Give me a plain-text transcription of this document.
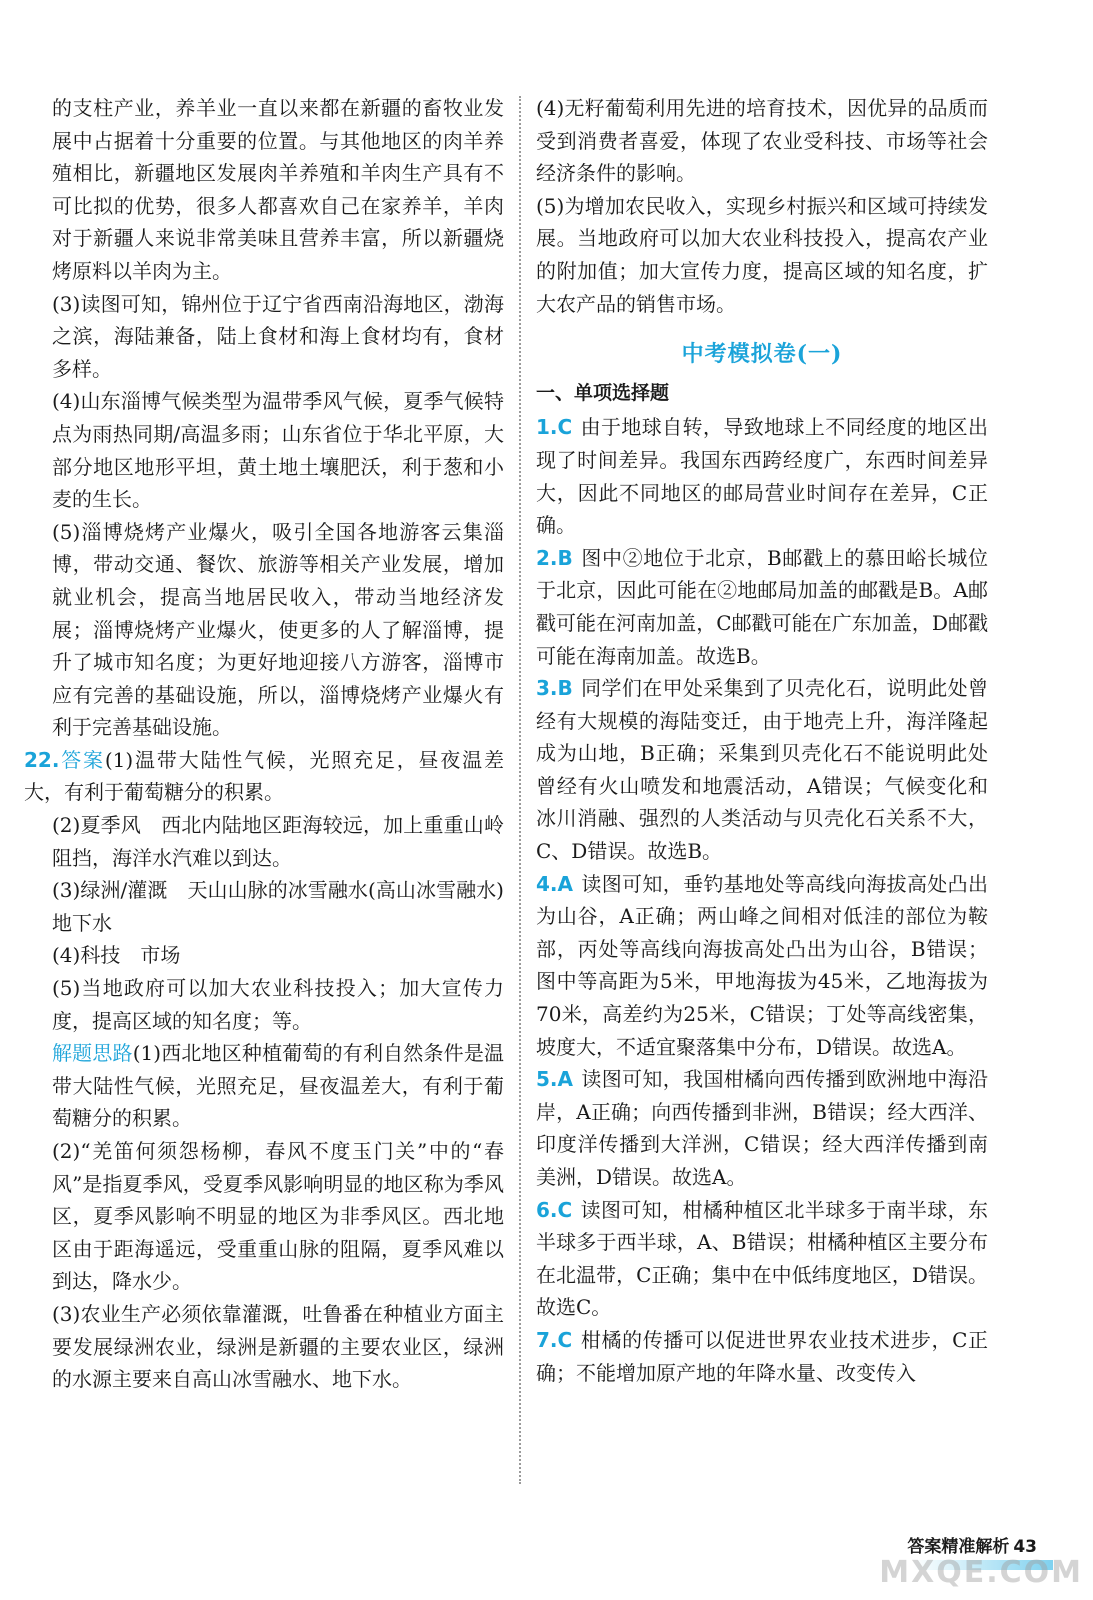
的支柱产业，养羊业一直以来都在新疆的畜牧业发展中占据着十分重要的位置。与其他地区的肉羊养殖相比，新疆地区发展肉羊养殖和羊肉生产具有不可比拟的优势，很多人都喜欢自己在家养羊，羊肉对于新疆人来说非常美味且营养丰富，所以新疆烧烤原料以羊肉为主。

(3)读图可知，锦州位于辽宁省西南沿海地区，渤海之滨，海陆兼备，陆上食材和海上食材均有，食材多样。

(4)山东淄博气候类型为温带季风气候，夏季气候特点为雨热同期/高温多雨；山东省位于华北平原，大部分地区地形平坦，黄土地土壤肥沃，利于葱和小麦的生长。

(5)淄博烧烤产业爆火，吸引全国各地游客云集淄博，带动交通、餐饮、旅游等相关产业发展，增加就业机会，提高当地居民收入，带动当地经济发展；淄博烧烤产业爆火，使更多的人了解淄博，提升了城市知名度；为更好地迎接八方游客，淄博市应有完善的基础设施，所以，淄博烧烤产业爆火有利于完善基础设施。

22.答案(1)温带大陆性气候，光照充足，昼夜温差大，有利于葡萄糖分的积累。

(2)夏季风　西北内陆地区距海较远，加上重重山岭阻挡，海洋水汽难以到达。

(3)绿洲/灌溉　天山山脉的冰雪融水(高山冰雪融水)　地下水

(4)科技　市场

(5)当地政府可以加大农业科技投入；加大宣传力度，提高区域的知名度；等。

解题思路(1)西北地区种植葡萄的有利自然条件是温带大陆性气候，光照充足，昼夜温差大，有利于葡萄糖分的积累。

(2)“羌笛何须怨杨柳，春风不度玉门关”中的“春风”是指夏季风，受夏季风影响明显的地区称为季风区，夏季风影响不明显的地区为非季风区。西北地区由于距海遥远，受重重山脉的阻隔，夏季风难以到达，降水少。

(3)农业生产必须依靠灌溉，吐鲁番在种植业方面主要发展绿洲农业，绿洲是新疆的主要农业区，绿洲的水源主要来自高山冰雪融水、地下水。

(4)无籽葡萄利用先进的培育技术，因优异的品质而受到消费者喜爱，体现了农业受科技、市场等社会经济条件的影响。

(5)为增加农民收入，实现乡村振兴和区域可持续发展。当地政府可以加大农业科技投入，提高农产业的附加值；加大宣传力度，提高区域的知名度，扩大农产品的销售市场。

中考模拟卷(一)
一、单项选择题

1.C 由于地球自转，导致地球上不同经度的地区出现了时间差异。我国东西跨经度广，东西时间差异大，因此不同地区的邮局营业时间存在差异，C正确。

2.B 图中②地位于北京，B邮戳上的慕田峪长城位于北京，因此可能在②地邮局加盖的邮戳是B。A邮戳可能在河南加盖，C邮戳可能在广东加盖，D邮戳可能在海南加盖。故选B。

3.B 同学们在甲处采集到了贝壳化石，说明此处曾经有大规模的海陆变迁，由于地壳上升，海洋隆起成为山地，B正确；采集到贝壳化石不能说明此处曾经有火山喷发和地震活动，A错误；气候变化和冰川消融、强烈的人类活动与贝壳化石关系不大，C、D错误。故选B。

4.A 读图可知，垂钓基地处等高线向海拔高处凸出为山谷，A正确；两山峰之间相对低洼的部位为鞍部，丙处等高线向海拔高处凸出为山谷，B错误；图中等高距为5米，甲地海拔为45米，乙地海拔为70米，高差约为25米，C错误；丁处等高线密集，坡度大，不适宜聚落集中分布，D错误。故选A。

5.A 读图可知，我国柑橘向西传播到欧洲地中海沿岸，A正确；向西传播到非洲，B错误；经大西洋、印度洋传播到大洋洲，C错误；经大西洋传播到南美洲，D错误。故选A。

6.C 读图可知，柑橘种植区北半球多于南半球，东半球多于西半球，A、B错误；柑橘种植区主要分布在北温带，C正确；集中在中低纬度地区，D错误。故选C。

7.C 柑橘的传播可以促进世界农业技术进步，C正确；不能增加原产地的年降水量、改变传入

答案精准解析 43
MXQE.COM
